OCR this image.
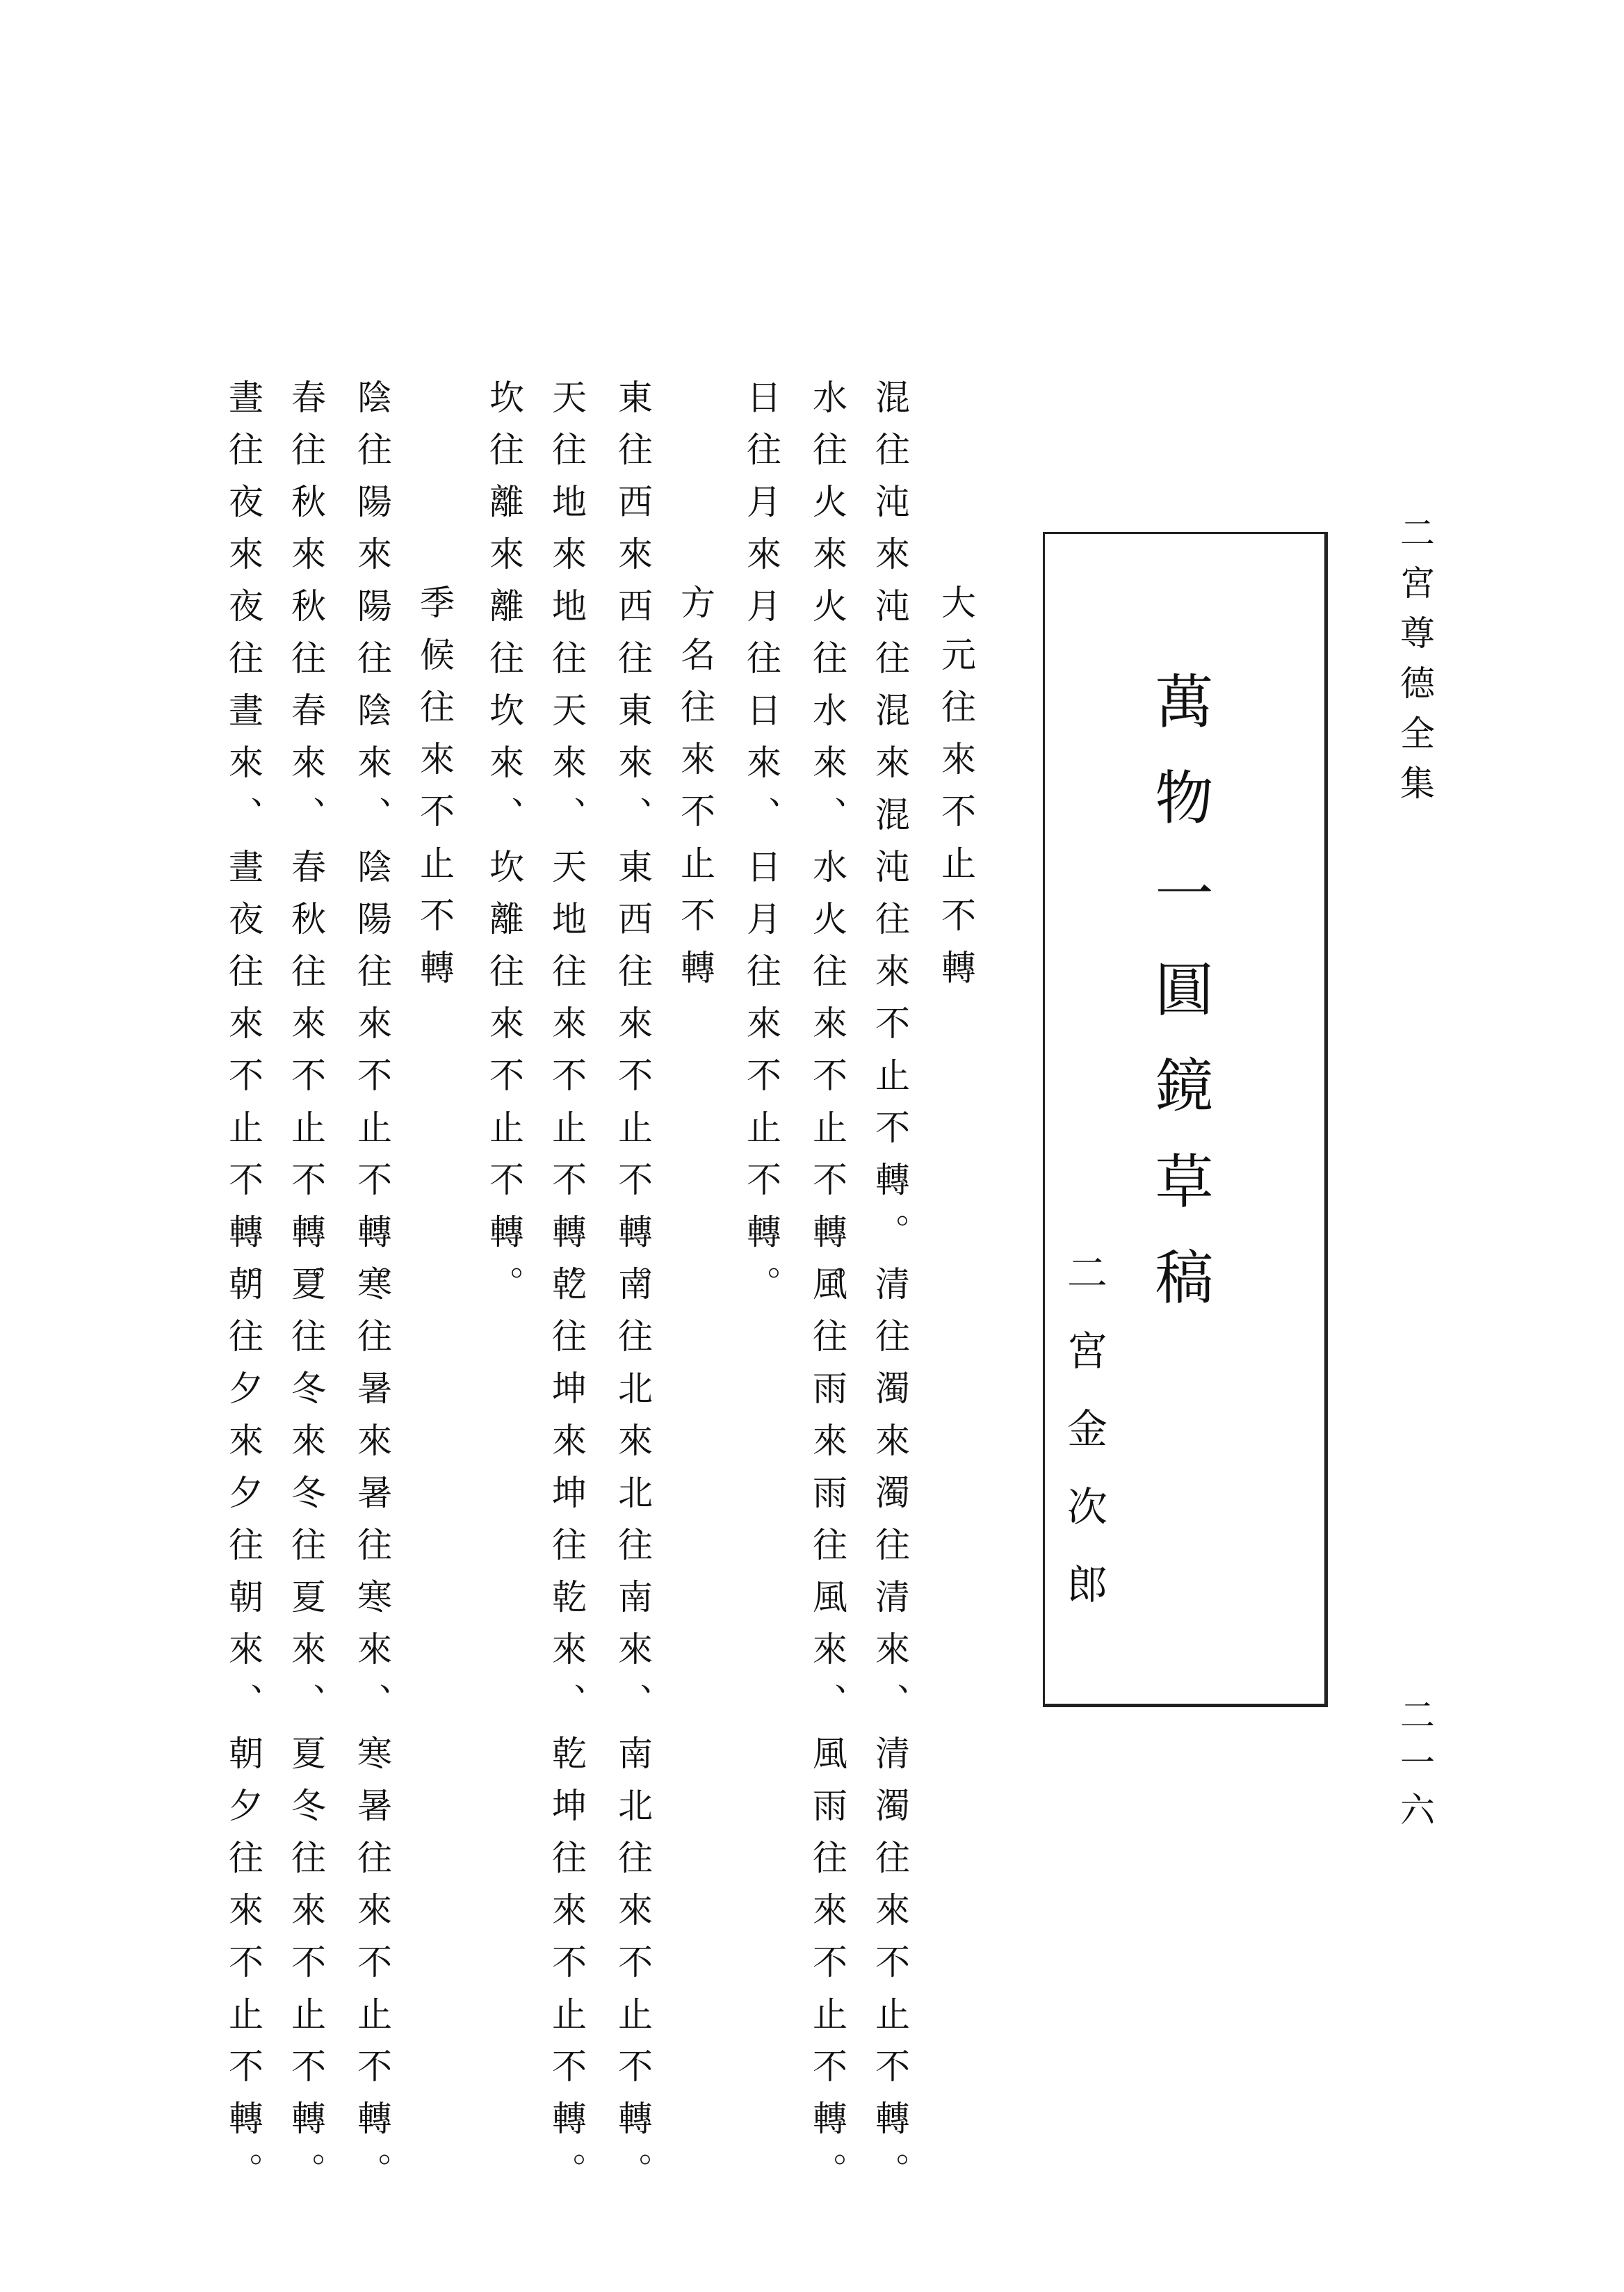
二宮尊德全集
二一六
萬物一圓鏡草稿
二宮金次郎
大元往來不止不轉
混往沌來沌往混來混沌往來不止不轉。
水往火來火往水來、水火往來不止不轉。
日往月來月往日來、日月往來不止不轉。
方名往來不止不轉
東往西來西往東來、東西往來不止不轉。
天往地來地往天來、天地往來不止不轉。
坎往離來離往坎來、坎離往來不止不轉。
季候往來不止不轉
陰往陽來陽往陰來、陰陽往來不止不轉。
春往秋來秋往春來、春秋往來不止不轉。
晝往夜來夜往晝來、晝夜往來不止不轉。
清往濁來濁往清來、清濁往來不止不轉。
風往雨來雨往風來、風雨往來不止不轉。
南往北來北往南來、南北往來不止不轉。
乾往坤來坤往乾來、乾坤往來不止不轉。
寒往暑來暑往寒來、寒暑往來不止不轉。
夏往冬來冬往夏來、夏冬往來不止不轉。
朝往夕來夕往朝來、朝夕往來不止不轉。
